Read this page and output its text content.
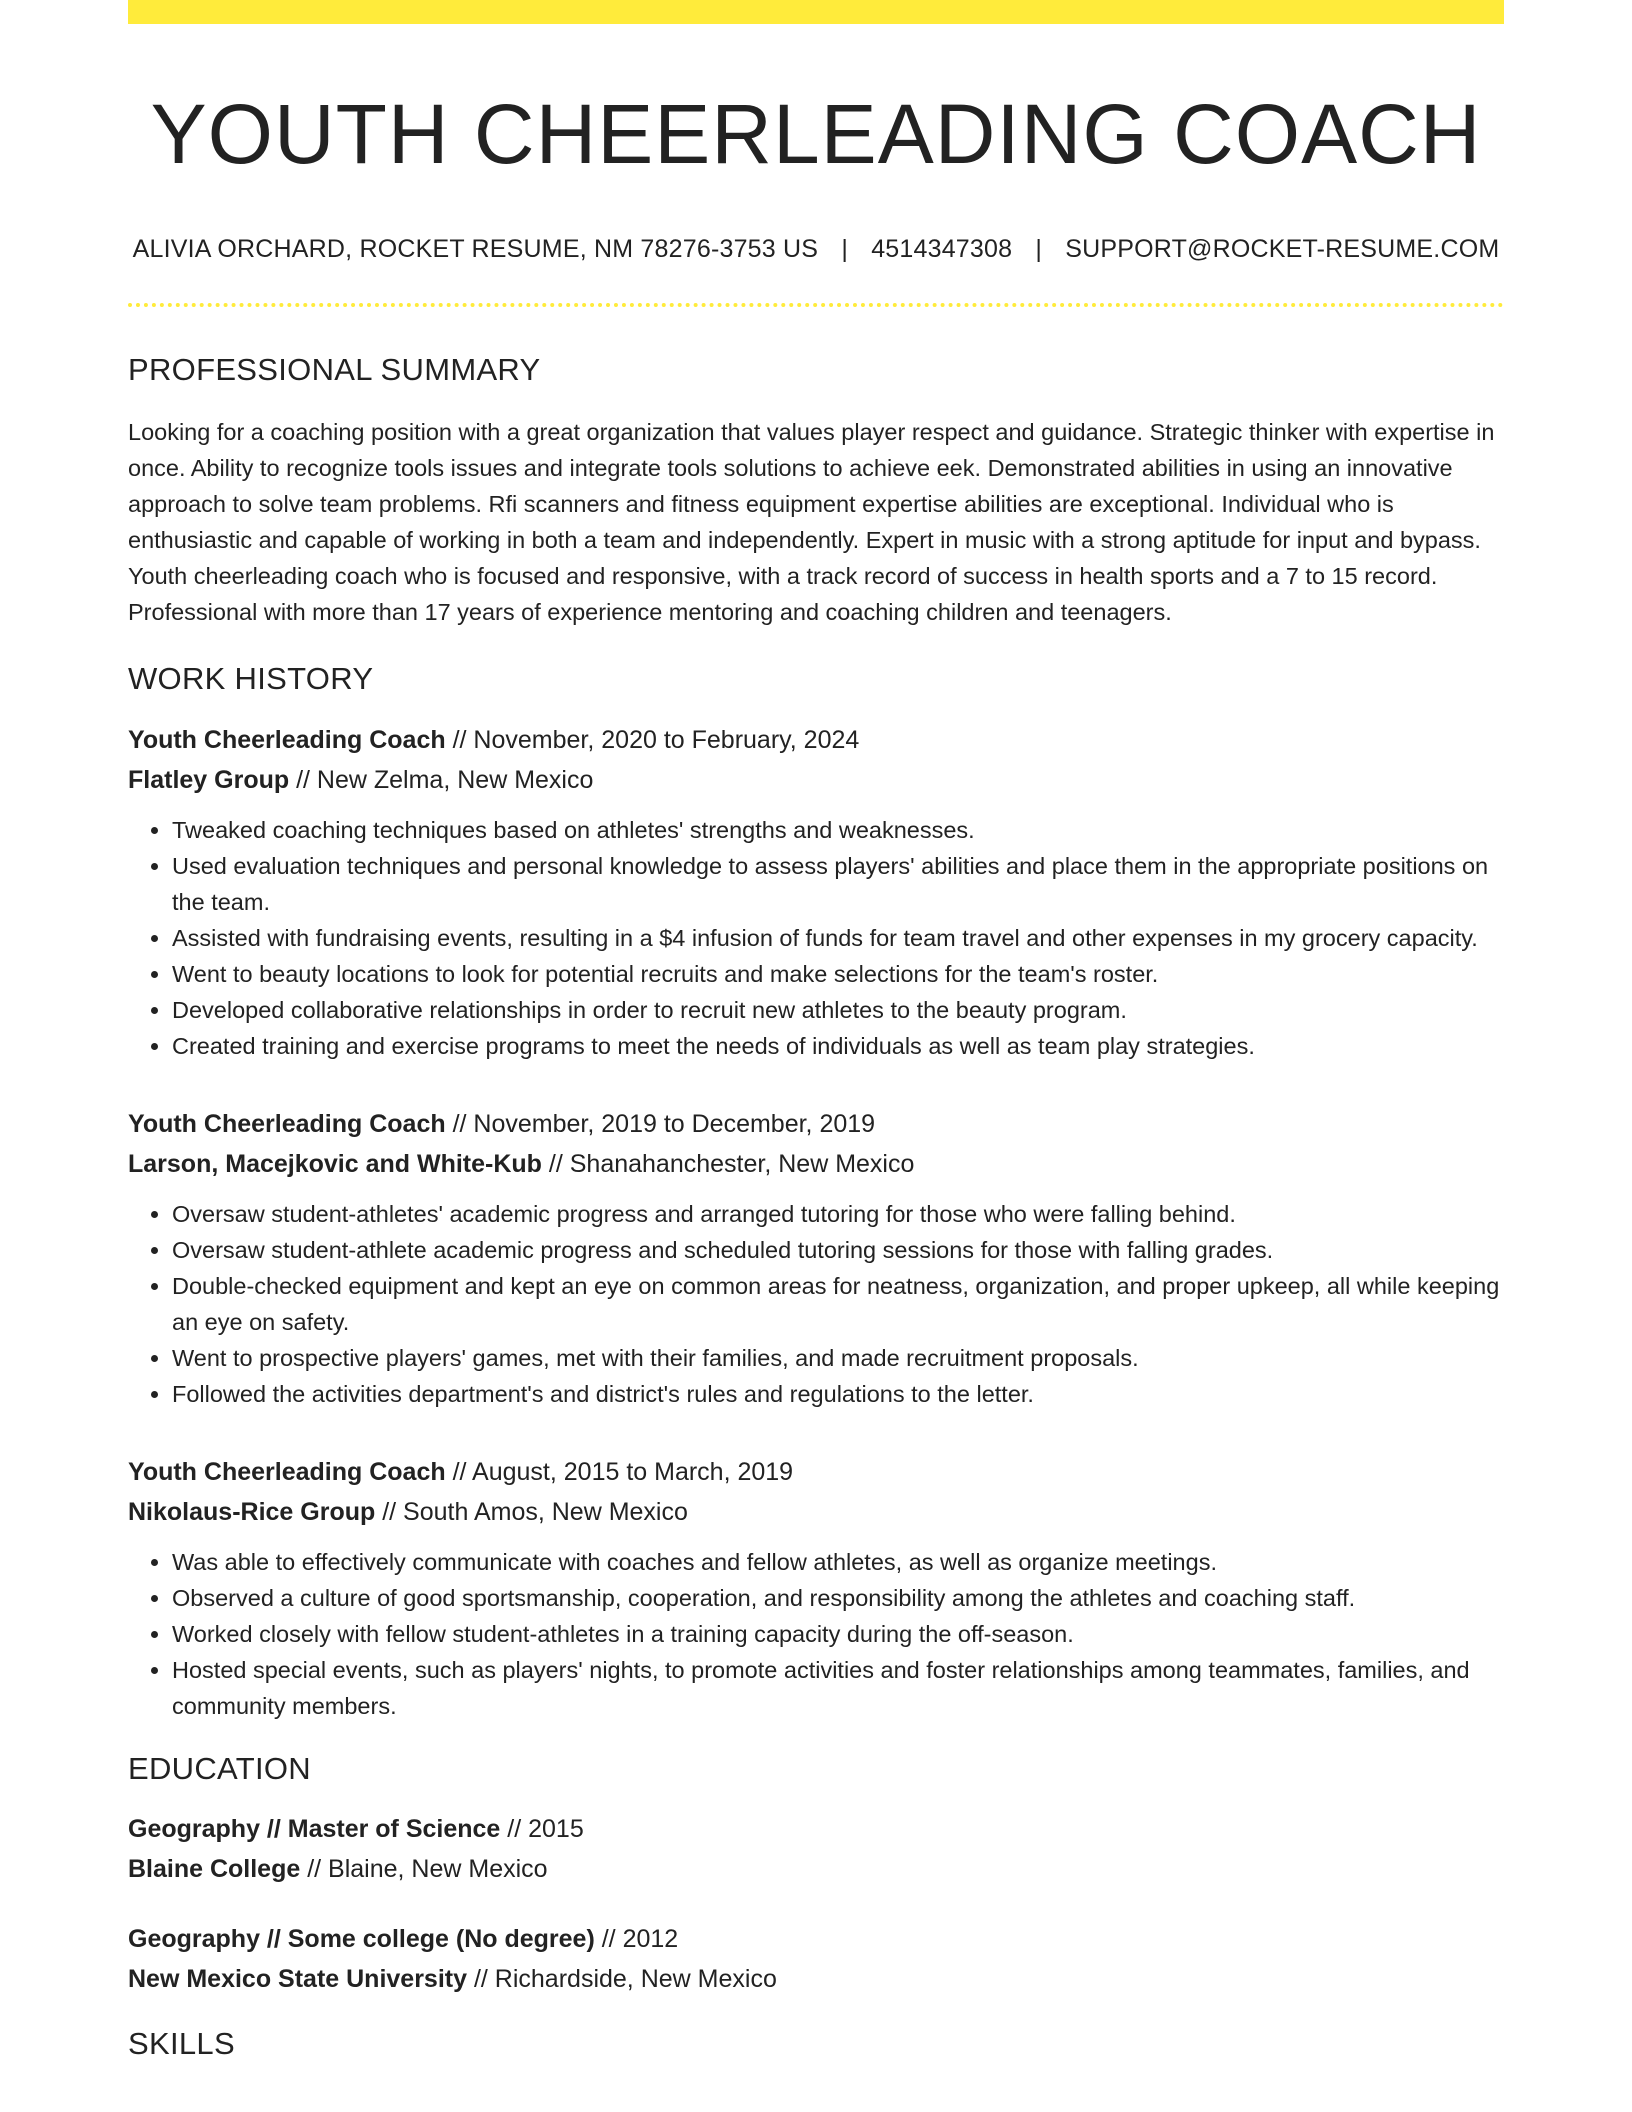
YOUTH CHEERLEADING COACH
ALIVIA ORCHARD, ROCKET RESUME, NM 78276-3753 US | 4514347308 | SUPPORT@ROCKET-RESUME.COM
PROFESSIONAL SUMMARY

Looking for a coaching position with a great organization that values player respect and guidance. Strategic thinker with expertise in once. Ability to recognize tools issues and integrate tools solutions to achieve eek. Demonstrated abilities in using an innovative approach to solve team problems. Rfi scanners and fitness equipment expertise abilities are exceptional. Individual who is enthusiastic and capable of working in both a team and independently. Expert in music with a strong aptitude for input and bypass. Youth cheerleading coach who is focused and responsive, with a track record of success in health sports and a 7 to 15 record. Professional with more than 17 years of experience mentoring and coaching children and teenagers.

WORK HISTORY
Youth Cheerleading Coach // November, 2020 to February, 2024
Flatley Group // New Zelma, New Mexico
• Tweaked coaching techniques based on athletes' strengths and weaknesses.
• Used evaluation techniques and personal knowledge to assess players' abilities and place them in the appropriate positions on the team.
• Assisted with fundraising events, resulting in a $4 infusion of funds for team travel and other expenses in my grocery capacity.
• Went to beauty locations to look for potential recruits and make selections for the team's roster.
• Developed collaborative relationships in order to recruit new athletes to the beauty program.
• Created training and exercise programs to meet the needs of individuals as well as team play strategies.
Youth Cheerleading Coach // November, 2019 to December, 2019
Larson, Macejkovic and White-Kub // Shanahanchester, New Mexico
• Oversaw student-athletes' academic progress and arranged tutoring for those who were falling behind.
• Oversaw student-athlete academic progress and scheduled tutoring sessions for those with falling grades.
• Double-checked equipment and kept an eye on common areas for neatness, organization, and proper upkeep, all while keeping an eye on safety.
• Went to prospective players' games, met with their families, and made recruitment proposals.
• Followed the activities department's and district's rules and regulations to the letter.
Youth Cheerleading Coach // August, 2015 to March, 2019
Nikolaus-Rice Group // South Amos, New Mexico
• Was able to effectively communicate with coaches and fellow athletes, as well as organize meetings.
• Observed a culture of good sportsmanship, cooperation, and responsibility among the athletes and coaching staff.
• Worked closely with fellow student-athletes in a training capacity during the off-season.
• Hosted special events, such as players' nights, to promote activities and foster relationships among teammates, families, and community members.
EDUCATION
Geography // Master of Science // 2015
Blaine College // Blaine, New Mexico
Geography // Some college (No degree) // 2012
New Mexico State University // Richardside, New Mexico
SKILLS
